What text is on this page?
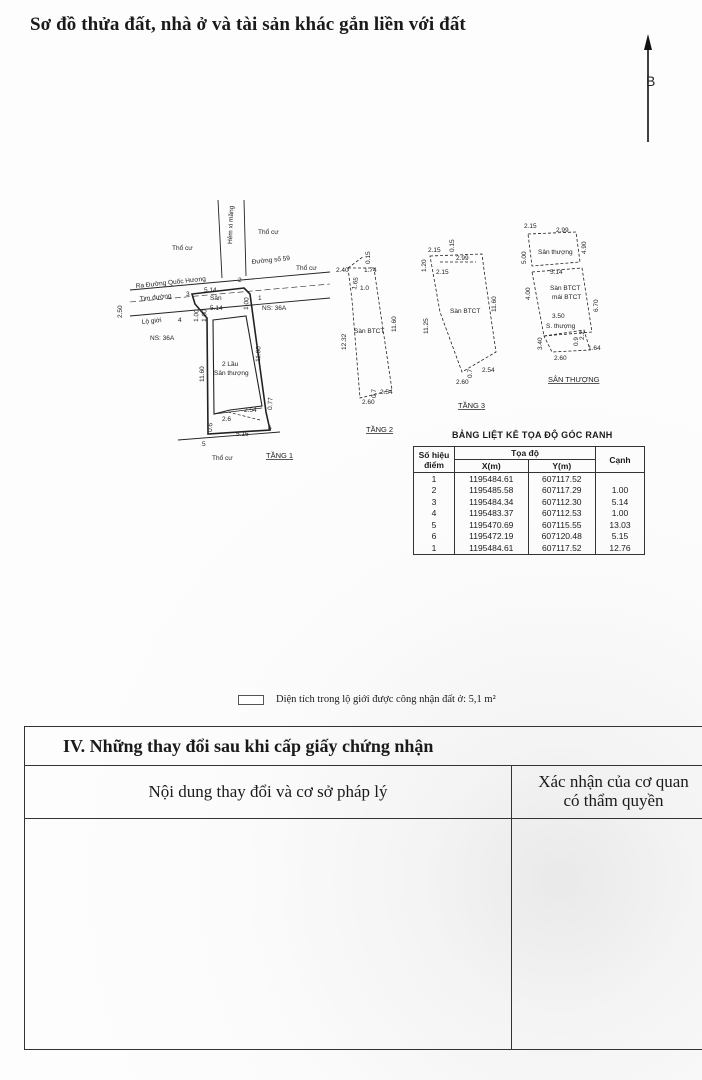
Sơ đồ thửa đất, nhà ở và tài sản khác gắn liền với đất
B
Thổ cư
Thổ cư
Thổ cư
Thổ cư
Hẻm xi măng
Đường số 59
Ra Đường Quốc Hương
Tim đường
Lộ giới
NS: 36A
NS: 36A
2 Lầu
Sân thượng
Sân
2.50
5.14
1.00
5.14
1.00
11.60
11.00
0.77
2.54
2.6
0.6
5.15
1.00
1
2
3
4
5
6
TẦNG 1
Sàn BTCT
2.40 1.74
0.15
1.65 1.0
12.32
11.60
2.60
2.54
0.7
TẦNG 2
Sàn BTCT
2.15 0.15
2.99
2.15
1.20
11.25
11.60
2.60
2.54
0.7
TẦNG 3
Sân thượng
Sàn BTCT
mái BTCT
S. thượng
2.15
2.99
5.00
4.90
5.14
4.00
6.70
3.50
3.40
2.60
1.64
2.2
0.9
SÂN THƯỢNG
BẢNG LIỆT KÊ TỌA ĐỘ GÓC RANH
Số hiệu điểm	Tọa độ		Cạnh
	X(m)	Y(m)	
1	1195484.61	607117.52	
2	1195485.58	607117.29	1.00
3	1195484.34	607112.30	5.14
4	1195483.37	607112.53	1.00
5	1195470.69	607115.55	13.03
6	1195472.19	607120.48	5.15
1	1195484.61	607117.52	12.76
Diện tích trong lộ giới được công nhận đất ở: 5,1 m²
IV. Những thay đổi sau khi cấp giấy chứng nhận
Nội dung thay đổi và cơ sở pháp lý
Xác nhận của cơ quan
có thẩm quyền
